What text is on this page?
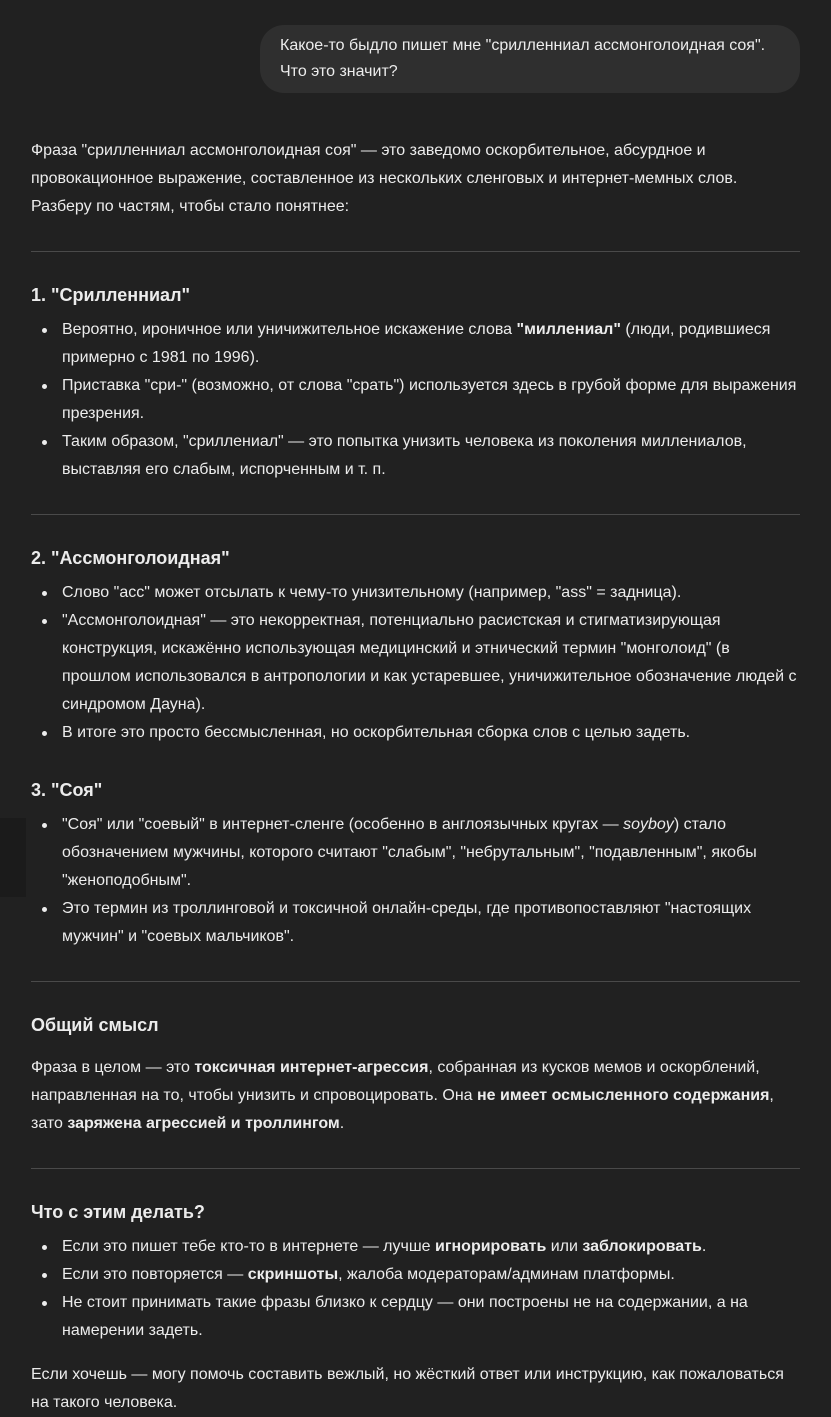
Какое-то быдло пишет мне "срилленниал ассмонголоидная соя". Что это значит?

Фраза "срилленниал ассмонголоидная соя" — это заведомо оскорбительное, абсурдное и провокационное выражение, составленное из нескольких сленговых и интернет-мемных слов. Разберу по частям, чтобы стало понятнее:

1. "Срилленниал"
Вероятно, ироничное или уничижительное искажение слова "миллениал" (люди, родившиеся примерно с 1981 по 1996).
Приставка "сри-" (возможно, от слова "срать") используется здесь в грубой форме для выражения презрения.
Таким образом, "сриллениал" — это попытка унизить человека из поколения миллениалов, выставляя его слабым, испорченным и т. п.
2. "Ассмонголоидная"
Слово "асс" может отсылать к чему-то унизительному (например, "ass" = задница).
"Ассмонголоидная" — это некорректная, потенциально расистская и стигматизирующая конструкция, искажённо использующая медицинский и этнический термин "монголоид" (в прошлом использовался в антропологии и как устаревшее, уничижительное обозначение людей с синдромом Дауна).
В итоге это просто бессмысленная, но оскорбительная сборка слов с целью задеть.
3. "Соя"
"Соя" или "соевый" в интернет-сленге (особенно в англоязычных кругах — soyboy) стало обозначением мужчины, которого считают "слабым", "небрутальным", "подавленным", якобы "женоподобным".
Это термин из троллинговой и токсичной онлайн-среды, где противопоставляют "настоящих мужчин" и "соевых мальчиков".
Общий смысл

Фраза в целом — это токсичная интернет-агрессия, собранная из кусков мемов и оскорблений, направленная на то, чтобы унизить и спровоцировать. Она не имеет осмысленного содержания, зато заряжена агрессией и троллингом.

Что с этим делать?
Если это пишет тебе кто-то в интернете — лучше игнорировать или заблокировать.
Если это повторяется — скриншоты, жалоба модераторам/админам платформы.
Не стоит принимать такие фразы близко к сердцу — они построены не на содержании, а на намерении задеть.

Если хочешь — могу помочь составить вежлый, но жёсткий ответ или инструкцию, как пожаловаться на такого человека.
